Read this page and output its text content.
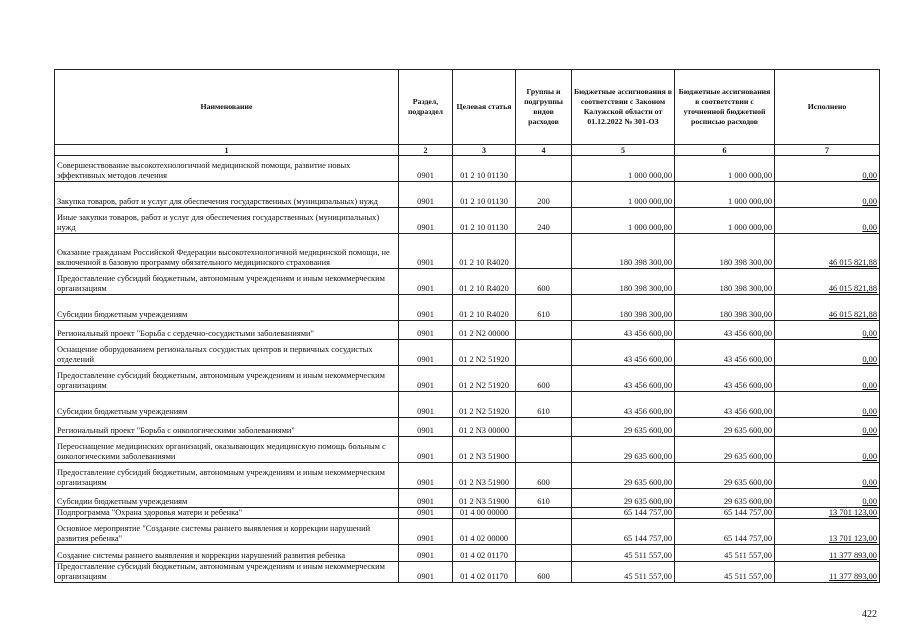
Наименование	Раздел, подраздел	Целевая статья	Группы и подгруппы видов расходов	Бюджетные ассигнования в соответствии с Законом Калужской области от 01.12.2022 № 301-ОЗ	Бюджетные ассигнования в соответствии с уточненной бюджетной росписью расходов	Исполнено
1	2	3	4	5	6	7
Совершенствование высокотехнологичной медицинской помощи, развитие новых эффективных методов лечения	0901	01 2 10 01130		1 000 000,00	1 000 000,00	0,00
Закупка товаров, работ и услуг для обеспечения государственных (муниципальных) нужд	0901	01 2 10 01130	200	1 000 000,00	1 000 000,00	0,00
Иные закупки товаров, работ и услуг для обеспечения государственных (муниципальных) нужд	0901	01 2 10 01130	240	1 000 000,00	1 000 000,00	0,00
Оказание гражданам Российской Федерации высокотехнологичной медицинской помощи, не включенной в базовую программу обязательного медицинского страхования	0901	01 2 10 R4020		180 398 300,00	180 398 300,00	46 015 821,88
Предоставление субсидий бюджетным, автономным учреждениям и иным некоммерческим организациям	0901	01 2 10 R4020	600	180 398 300,00	180 398 300,00	46 015 821,88
Субсидии бюджетным учреждениям	0901	01 2 10 R4020	610	180 398 300,00	180 398 300,00	46 015 821,88
Региональный проект "Борьба с сердечно-сосудистыми заболеваниями"	0901	01 2 N2 00000		43 456 600,00	43 456 600,00	0,00
Оснащение оборудованием региональных сосудистых центров и первичных сосудистых отделений	0901	01 2 N2 51920		43 456 600,00	43 456 600,00	0,00
Предоставление субсидий бюджетным, автономным учреждениям и иным некоммерческим организациям	0901	01 2 N2 51920	600	43 456 600,00	43 456 600,00	0,00
Субсидии бюджетным учреждениям	0901	01 2 N2 51920	610	43 456 600,00	43 456 600,00	0,00
Региональный проект "Борьба с онкологическими заболеваниями"	0901	01 2 N3 00000		29 635 600,00	29 635 600,00	0,00
Переоснащение медицинских организаций, оказывающих медицинскую помощь больным с онкологическими заболеваниями	0901	01 2 N3 51900		29 635 600,00	29 635 600,00	0,00
Предоставление субсидий бюджетным, автономным учреждениям и иным некоммерческим организациям	0901	01 2 N3 51900	600	29 635 600,00	29 635 600,00	0,00
Субсидии бюджетным учреждениям	0901	01 2 N3 51900	610	29 635 600,00	29 635 600,00	0,00
Подпрограмма "Охрана здоровья матери и ребенка"	0901	01 4 00 00000		65 144 757,00	65 144 757,00	13 701 123,00
Основное мероприятие "Создание системы раннего выявления и коррекции нарушений развития ребенка"	0901	01 4 02 00000		65 144 757,00	65 144 757,00	13 701 123,00
Создание системы раннего выявления и коррекции нарушений развития ребенка	0901	01 4 02 01170		45 511 557,00	45 511 557,00	11 377 893,00
Предоставление субсидий бюджетным, автономным учреждениям и иным некоммерческим организациям	0901	01 4 02 01170	600	45 511 557,00	45 511 557,00	11 377 893,00
422
